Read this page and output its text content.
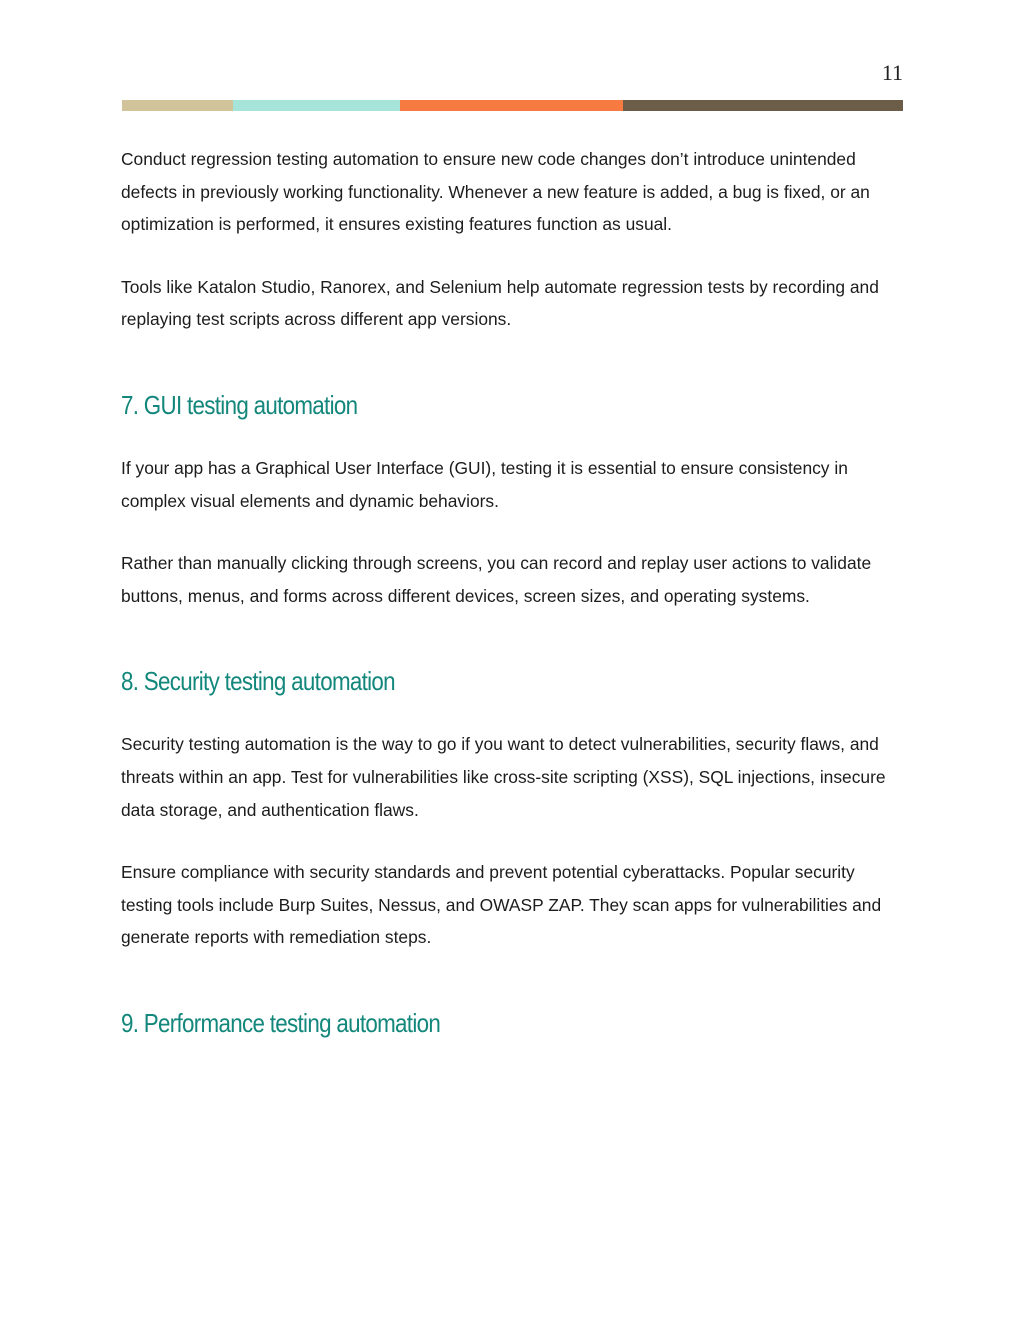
11

Conduct regression testing automation to ensure new code changes don’t introduce unintended defects in previously working functionality. Whenever a new feature is added, a bug is fixed, or an optimization is performed, it ensures existing features function as usual.

Tools like Katalon Studio, Ranorex, and Selenium help automate regression tests by recording and replaying test scripts across different app versions.

7. GUI testing automation

If your app has a Graphical User Interface (GUI), testing it is essential to ensure consistency in complex visual elements and dynamic behaviors.

Rather than manually clicking through screens, you can record and replay user actions to validate buttons, menus, and forms across different devices, screen sizes, and operating systems.

8. Security testing automation

Security testing automation is the way to go if you want to detect vulnerabilities, security flaws, and threats within an app. Test for vulnerabilities like cross-site scripting (XSS), SQL injections, insecure data storage, and authentication flaws.

Ensure compliance with security standards and prevent potential cyberattacks. Popular security testing tools include Burp Suites, Nessus, and OWASP ZAP. They scan apps for vulnerabilities and generate reports with remediation steps.

9. Performance testing automation
